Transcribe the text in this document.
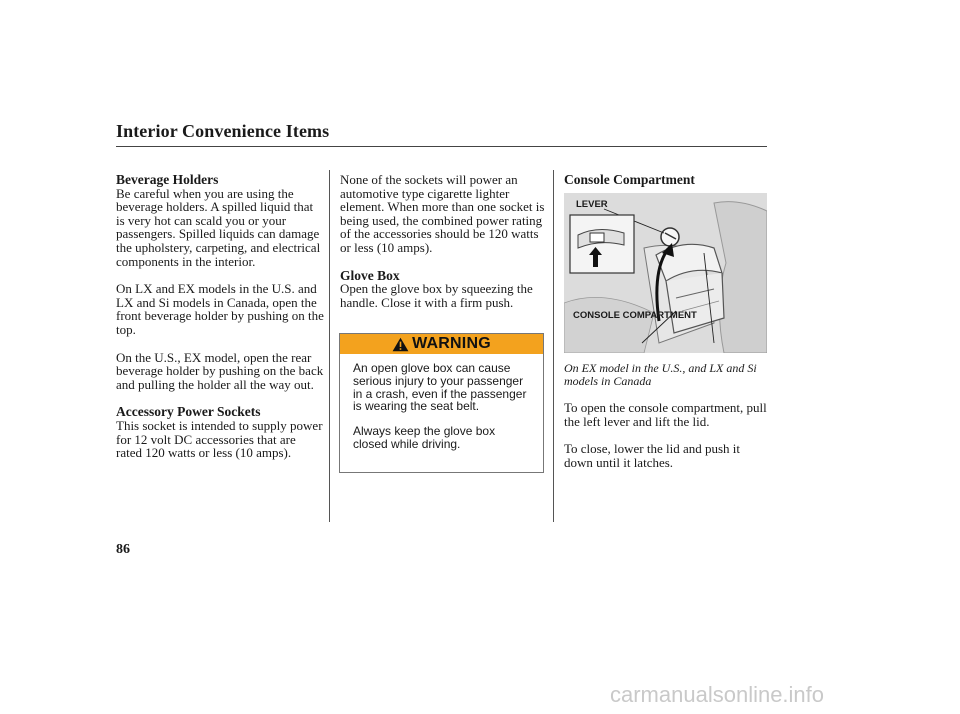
Interior Convenience Items
Beverage Holders

Be careful when you are using the beverage holders. A spilled liquid that is very hot can scald you or your passengers. Spilled liquids can damage the upholstery, carpeting, and electrical components in the interior.

On LX and EX models in the U.S. and LX and Si models in Canada, open the front beverage holder by pushing on the top.

On the U.S., EX model, open the rear beverage holder by pushing on the back and pulling the holder all the way out.

Accessory Power Sockets

This socket is intended to supply power for 12 volt DC accessories that are rated 120 watts or less (10 amps).

None of the sockets will power an automotive type cigarette lighter element. When more than one socket is being used, the combined power rating of the accessories should be 120 watts or less (10 amps).

Glove Box

Open the glove box by squeezing the handle. Close it with a firm push.

WARNING

An open glove box can cause serious injury to your passenger in a crash, even if the passenger is wearing the seat belt.

Always keep the glove box closed while driving.

Console Compartment
LEVER
CONSOLE COMPARTMENT

On EX model in the U.S., and LX and Si models in Canada

To open the console compartment, pull the left lever and lift the lid.

To close, lower the lid and push it down until it latches.

86
carmanualsonline.info
